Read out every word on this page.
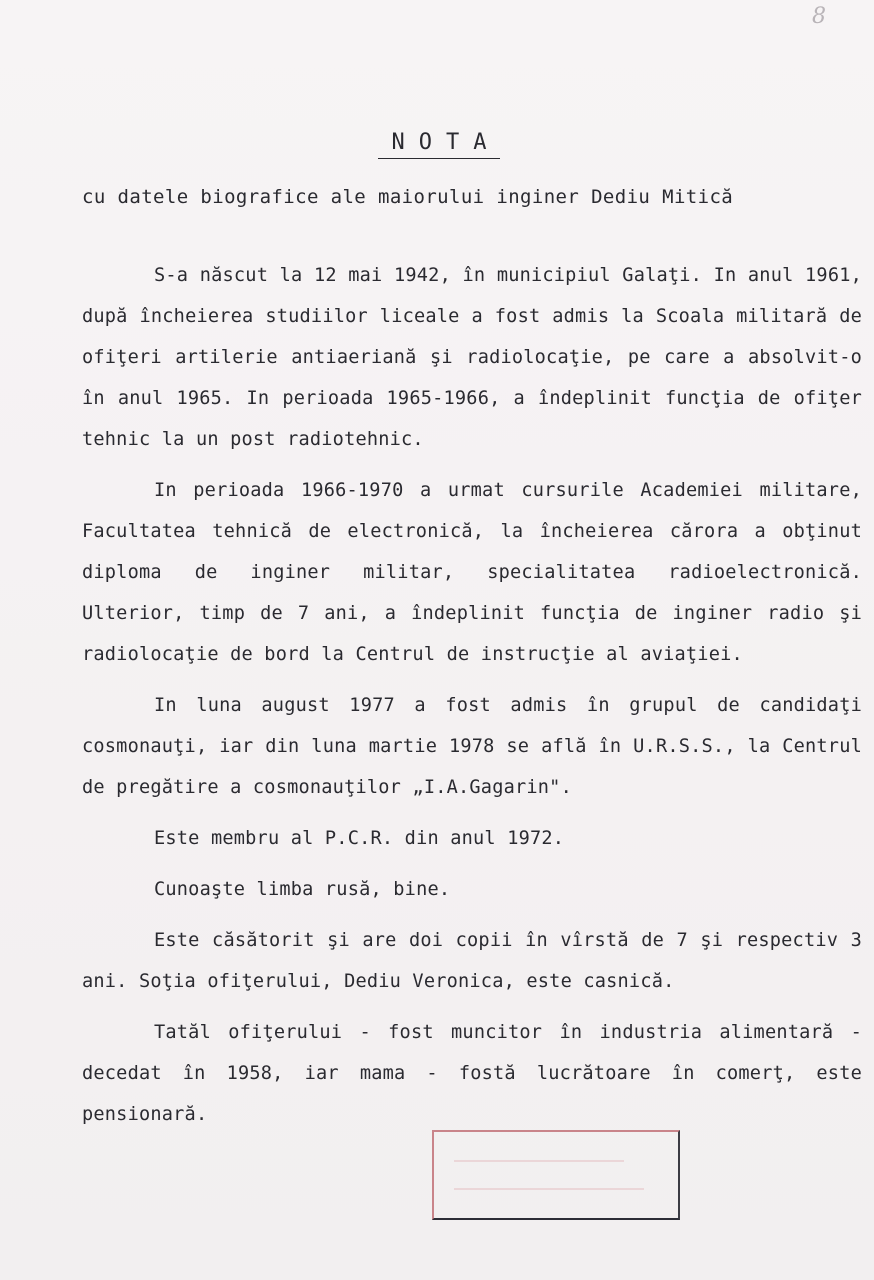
8
NOTA
cu datele biografice ale maiorului inginer Dediu Mitică

S-a născut la 12 mai 1942, în municipiul Galaţi. In anul 1961, după încheierea studiilor liceale a fost admis la Scoala militară de ofiţeri artilerie antiaeriană şi radiolocaţie, pe care a absolvit-o în anul 1965. In perioada 1965-1966, a îndeplinit funcţia de ofiţer tehnic la un post radiotehnic.

In perioada 1966-1970 a urmat cursurile Academiei militare, Facultatea tehnică de electronică, la încheierea cărora a obţinut diploma de inginer militar, specialitatea radioelectronică. Ulterior, timp de 7 ani, a îndeplinit funcţia de inginer radio şi radiolocaţie de bord la Centrul de instrucţie al aviaţiei.

In luna august 1977 a fost admis în grupul de candidaţi cosmonauţi, iar din luna martie 1978 se află în U.R.S.S., la Centrul de pregătire a cosmonauţilor „I.A.Gagarin".

Este membru al P.C.R. din anul 1972.

Cunoaşte limba rusă, bine.

Este căsătorit şi are doi copii în vîrstă de 7 şi respectiv 3 ani. Soţia ofiţerului, Dediu Veronica, este casnică.

Tatăl ofiţerului - fost muncitor în industria alimentară - decedat în 1958, iar mama - fostă lucrătoare în comerţ, este pensionară.
